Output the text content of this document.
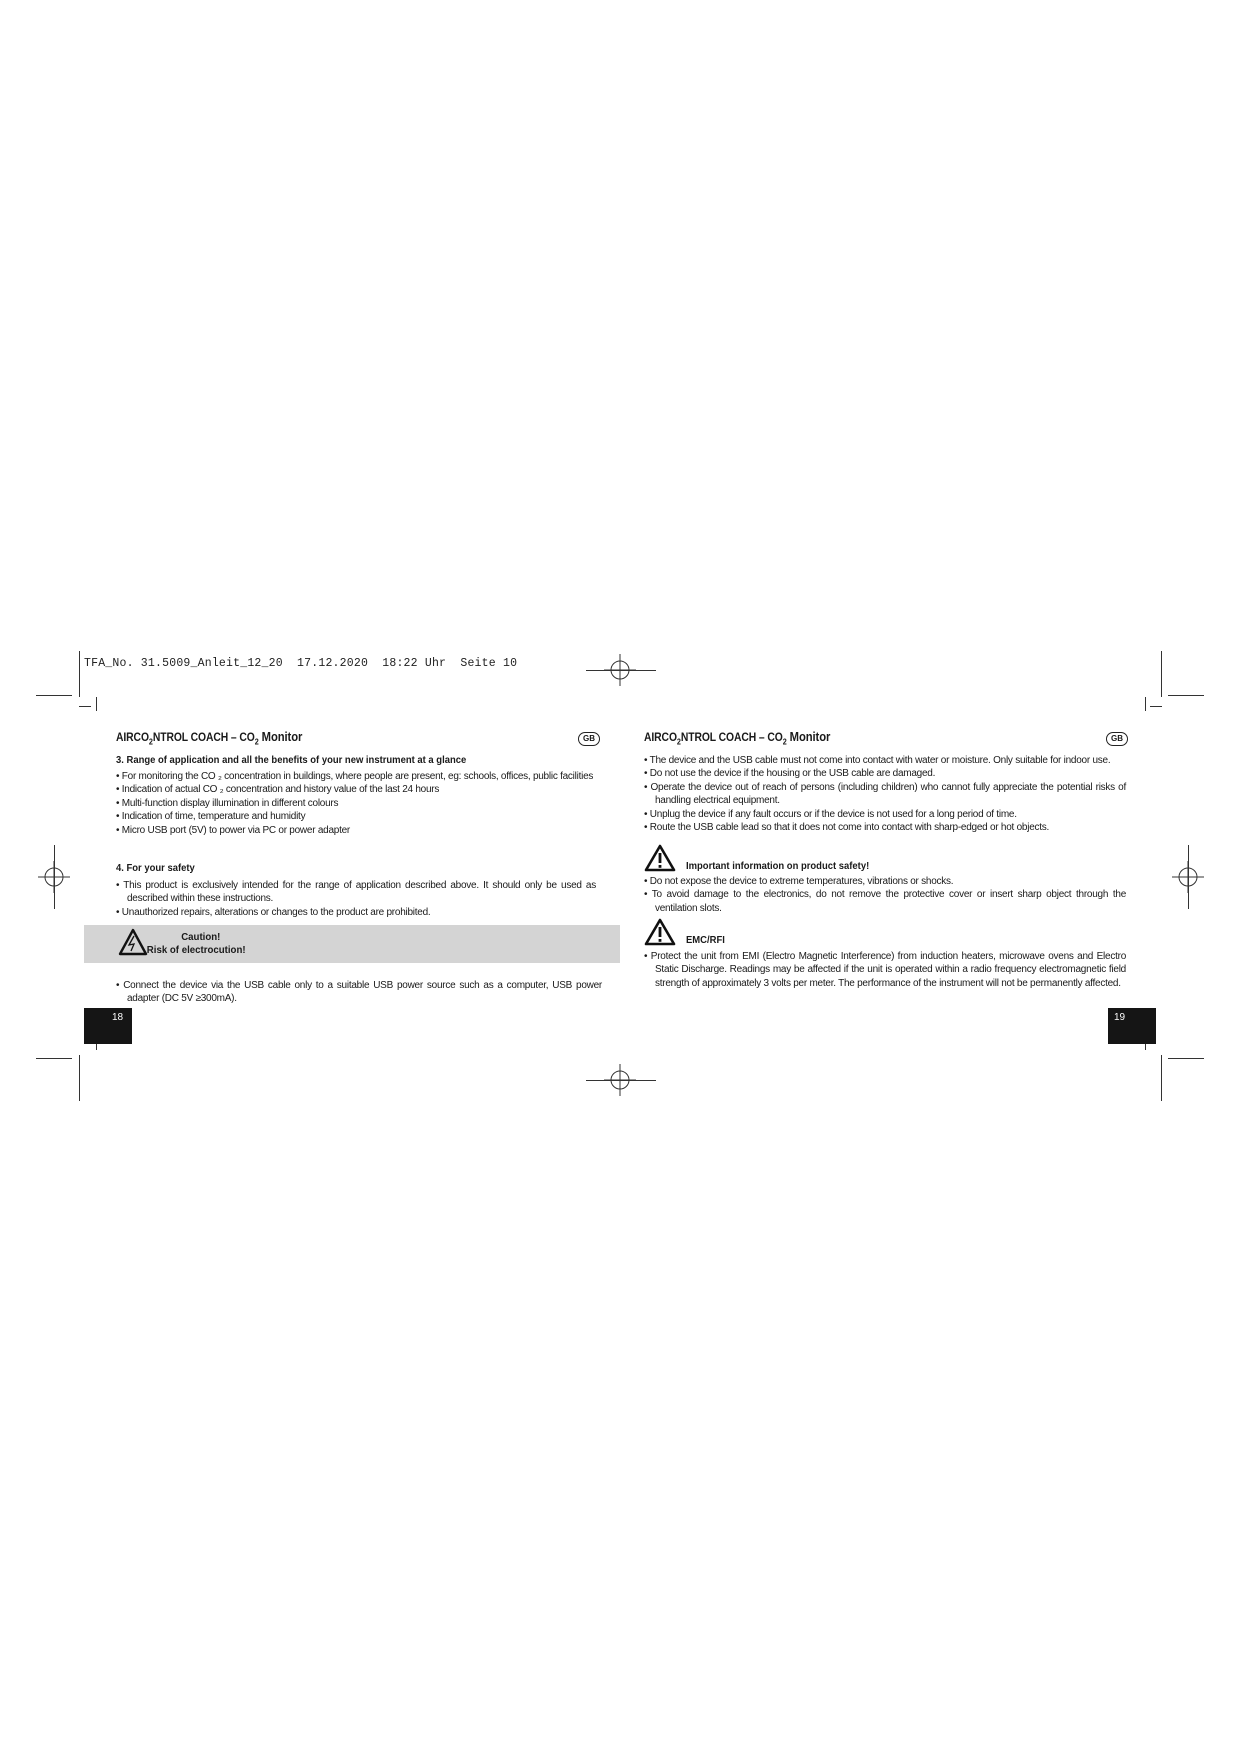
TFA_No. 31.5009_Anleit_12_20  17.12.2020  18:22 Uhr  Seite 10
$AIRCO_2NTROL$ COACH – $CO_2$ Monitor	GB
3. Range of application and all the benefits of your new instrument at a glance
• For monitoring the CO ₂ concentration in buildings, where people are present, eg: schools, offices, public facilities
• Indication of actual CO ₂ concentration and history value of the last 24 hours
• Multi-function display illumination in different colours
• Indication of time, temperature and humidity
• Micro USB port (5V) to power via PC or power adapter
4. For your safety
• This product is exclusively intended for the range of application described above. It should only be used as described within these instructions.
• Unauthorized repairs, alterations or changes to the product are prohibited.
• Connect the device via the USB cable only to a suitable USB power source such as a computer, USB power adapter (DC 5V ≥300mA).
Caution!
Risk of electrocution!
18
$AIRCO_2NTROL$ COACH – $CO_2$ Monitor	GB
• The device and the USB cable must not come into contact with water or moisture. Only suitable for indoor use.
• Do not use the device if the housing or the USB cable are damaged.
• Operate the device out of reach of persons (including children) who cannot fully appreciate the potential risks of handling electrical equipment.
• Unplug the device if any fault occurs or if the device is not used for a long period of time.
• Route the USB cable lead so that it does not come into contact with sharp-edged or hot objects.
Important information on product safety!
• Do not expose the device to extreme temperatures, vibrations or shocks.
• To avoid damage to the electronics, do not remove the protective cover or insert sharp object through the ventilation slots.
EMC/RFI
• Protect the unit from EMI (Electro Magnetic Interference) from induction heaters, microwave ovens and Electro Static Discharge. Readings may be affected if the unit is operated within a radio frequency electromagnetic field strength of approximately 3 volts per meter. The performance of the instrument will not be permanently affected.
19
